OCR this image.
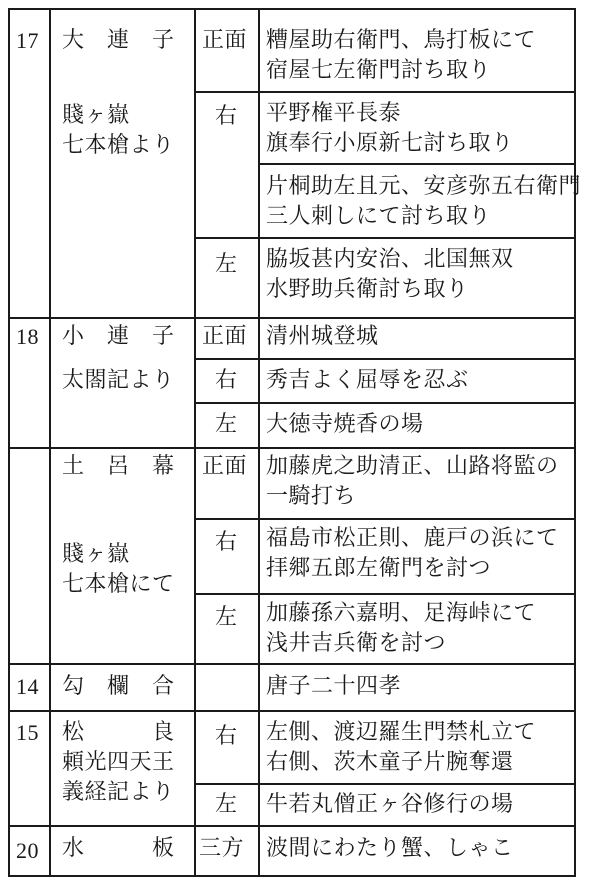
17 大　連　子
賤ヶ嶽
七本槍より
正面 糟屋助右衛門、鳥打板にて
宿屋七左衛門討ち取り
右 平野権平長泰
旗奉行小原新七討ち取り
片桐助左且元、安彦弥五右衛門
三人刺しにて討ち取り
左 脇坂甚内安治、北国無双
水野助兵衛討ち取り
18 小　連　子
太閤記より
正面 清州城登城
右 秀吉よく屈辱を忍ぶ
左 大徳寺焼香の場
土　呂　幕
賤ヶ嶽
七本槍にて
正面 加藤虎之助清正、山路将監の
一騎打ち
右 福島市松正則、鹿戸の浜にて
拝郷五郎左衛門を討つ
左 加藤孫六嘉明、足海峠にて
浅井吉兵衛を討つ
14 勾　欄　合	唐子二十四孝
15 松　　　良
頼光四天王
義経記より
右 左側、渡辺羅生門禁札立て
右側、茨木童子片腕奪還
左 牛若丸僧正ヶ谷修行の場
20 水　　　板 三方 波間にわたり蟹、しゃこ
